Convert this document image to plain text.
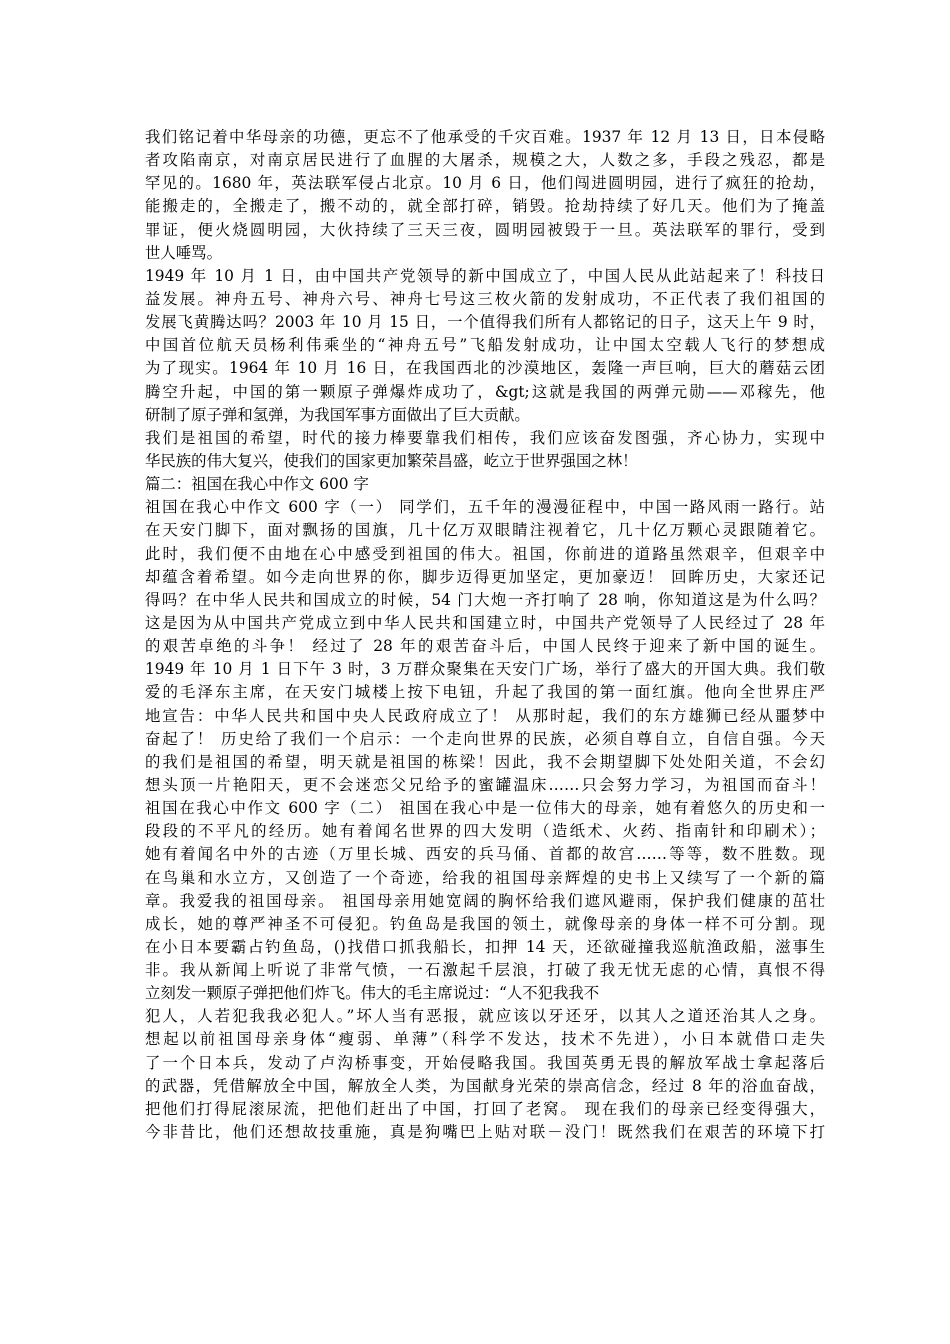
我们铭记着中华母亲的功德，更忘不了他承受的千灾百难。1937 年 12 月 13 日，日本侵略
者攻陷南京，对南京居民进行了血腥的大屠杀，规模之大，人数之多，手段之残忍，都是
罕见的。1680 年，英法联军侵占北京。10 月 6 日，他们闯进圆明园，进行了疯狂的抢劫，
能搬走的，全搬走了，搬不动的，就全部打碎，销毁。抢劫持续了好几天。他们为了掩盖
罪证，便火烧圆明园，大伙持续了三天三夜，圆明园被毁于一旦。英法联军的罪行，受到
世人唾骂。
1949 年 10 月 1 日，由中国共产党领导的新中国成立了，中国人民从此站起来了！科技日
益发展。神舟五号、神舟六号、神舟七号这三枚火箭的发射成功，不正代表了我们祖国的
发展飞黄腾达吗？2003 年 10 月 15 日，一个值得我们所有人都铭记的日子，这天上午 9 时，
中国首位航天员杨利伟乘坐的“神舟五号”飞船发射成功，让中国太空载人飞行的梦想成
为了现实。1964 年 10 月 16 日，在我国西北的沙漠地区，轰隆一声巨响，巨大的蘑菇云团
腾空升起，中国的第一颗原子弹爆炸成功了，&gt;这就是我国的两弹元勋——邓稼先，他
研制了原子弹和氢弹，为我国军事方面做出了巨大贡献。
我们是祖国的希望，时代的接力棒要靠我们相传，我们应该奋发图强，齐心协力，实现中
华民族的伟大复兴，使我们的国家更加繁荣昌盛，屹立于世界强国之林！
篇二：祖国在我心中作文 600 字
祖国在我心中作文 600 字（一） 同学们，五千年的漫漫征程中，中国一路风雨一路行。站
在天安门脚下，面对飘扬的国旗，几十亿万双眼睛注视着它，几十亿万颗心灵跟随着它。
此时，我们便不由地在心中感受到祖国的伟大。祖国，你前进的道路虽然艰辛，但艰辛中
却蕴含着希望。如今走向世界的你，脚步迈得更加坚定，更加豪迈！ 回眸历史，大家还记
得吗？在中华人民共和国成立的时候，54 门大炮一齐打响了 28 响，你知道这是为什么吗？
这是因为从中国共产党成立到中华人民共和国建立时，中国共产党领导了人民经过了 28 年
的艰苦卓绝的斗争！ 经过了 28 年的艰苦奋斗后，中国人民终于迎来了新中国的诞生。
1949 年 10 月 1 日下午 3 时，3 万群众聚集在天安门广场，举行了盛大的开国大典。我们敬
爱的毛泽东主席，在天安门城楼上按下电钮，升起了我国的第一面红旗。他向全世界庄严
地宣告：中华人民共和国中央人民政府成立了！ 从那时起，我们的东方雄狮已经从噩梦中
奋起了！ 历史给了我们一个启示：一个走向世界的民族，必须自尊自立，自信自强。今天
的我们是祖国的希望，明天就是祖国的栋梁！因此，我不会期望脚下处处阳关道，不会幻
想头顶一片艳阳天，更不会迷恋父兄给予的蜜罐温床……只会努力学习，为祖国而奋斗！
祖国在我心中作文 600 字（二） 祖国在我心中是一位伟大的母亲，她有着悠久的历史和一
段段的不平凡的经历。她有着闻名世界的四大发明（造纸术、火药、指南针和印刷术）；
她有着闻名中外的古迹（万里长城、西安的兵马俑、首都的故宫……等等，数不胜数。现
在鸟巢和水立方，又创造了一个奇迹，给我的祖国母亲辉煌的史书上又续写了一个新的篇
章。我爱我的祖国母亲。 祖国母亲用她宽阔的胸怀给我们遮风避雨，保护我们健康的茁壮
成长，她的尊严神圣不可侵犯。钓鱼岛是我国的领土，就像母亲的身体一样不可分割。现
在小日本要霸占钓鱼岛，()找借口抓我船长，扣押 14 天，还欲碰撞我巡航渔政船，滋事生
非。我从新闻上听说了非常气愤，一石激起千层浪，打破了我无忧无虑的心情，真恨不得
立刻发一颗原子弹把他们炸飞。伟大的毛主席说过：“人不犯我我不
犯人，人若犯我我必犯人。”坏人当有恶报，就应该以牙还牙，以其人之道还治其人之身。
想起以前祖国母亲身体“瘦弱、单薄”（科学不发达，技术不先进），小日本就借口走失
了一个日本兵，发动了卢沟桥事变，开始侵略我国。我国英勇无畏的解放军战士拿起落后
的武器，凭借解放全中国，解放全人类，为国献身光荣的崇高信念，经过 8 年的浴血奋战，
把他们打得屁滚尿流，把他们赶出了中国，打回了老窝。 现在我们的母亲已经变得强大，
今非昔比，他们还想故技重施，真是狗嘴巴上贴对联－没门！既然我们在艰苦的环境下打
